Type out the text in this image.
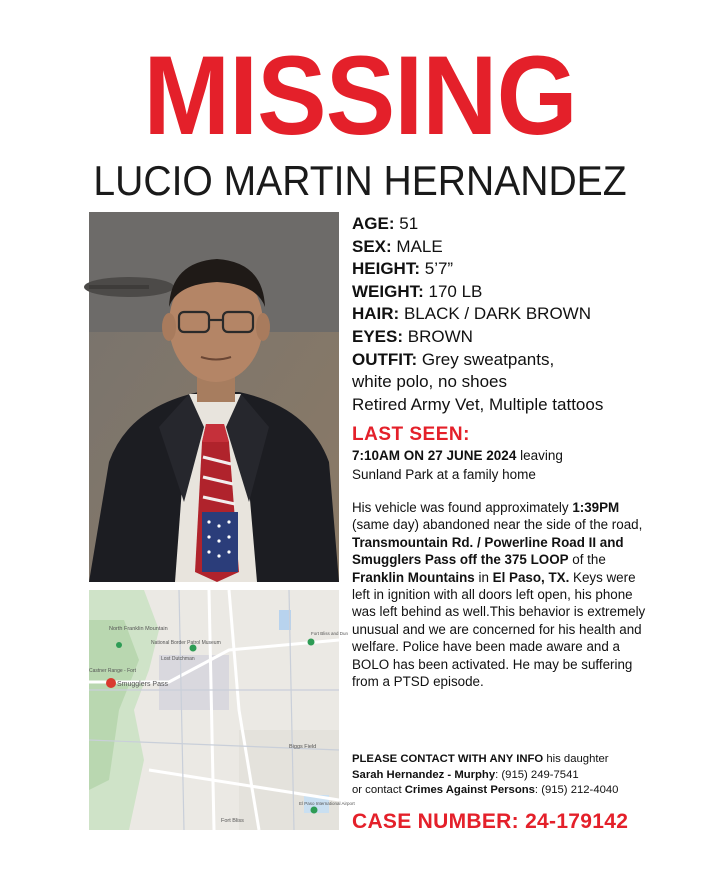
MISSING
LUCIO MARTIN HERNANDEZ
Smugglers Pass
North Franklin Mountain
National Border Patrol Museum
Castner Range - Fort
Lost Dutchman
Biggs Field
Fort Bliss
El Paso International Airport
Fort Bliss and Dun
AGE: 51
SEX: MALE
HEIGHT: 5’7”
WEIGHT: 170 LB
HAIR: BLACK / DARK BROWN
EYES: BROWN
OUTFIT: Grey sweatpants,
white polo, no shoes
Retired Army Vet, Multiple tattoos
LAST SEEN:
7:10AM ON 27 JUNE 2024 leaving
Sunland Park at a family home
His vehicle was found approximately 1:39PM (same day) abandoned near the side of the road, Transmountain Rd. / Powerline Road II and Smugglers Pass off the 375 LOOP of the Franklin Mountains in El Paso, TX. Keys were left in ignition with all doors left open, his phone was left behind as well.This behavior is extremely unusual and we are concerned for his health and welfare. Police have been made aware and a BOLO has been activated. He may be suffering from a PTSD episode.
PLEASE CONTACT WITH ANY INFO his daughter
Sarah Hernandez - Murphy: (915) 249-7541
or contact Crimes Against Persons: (915) 212-4040
CASE NUMBER: 24-179142
